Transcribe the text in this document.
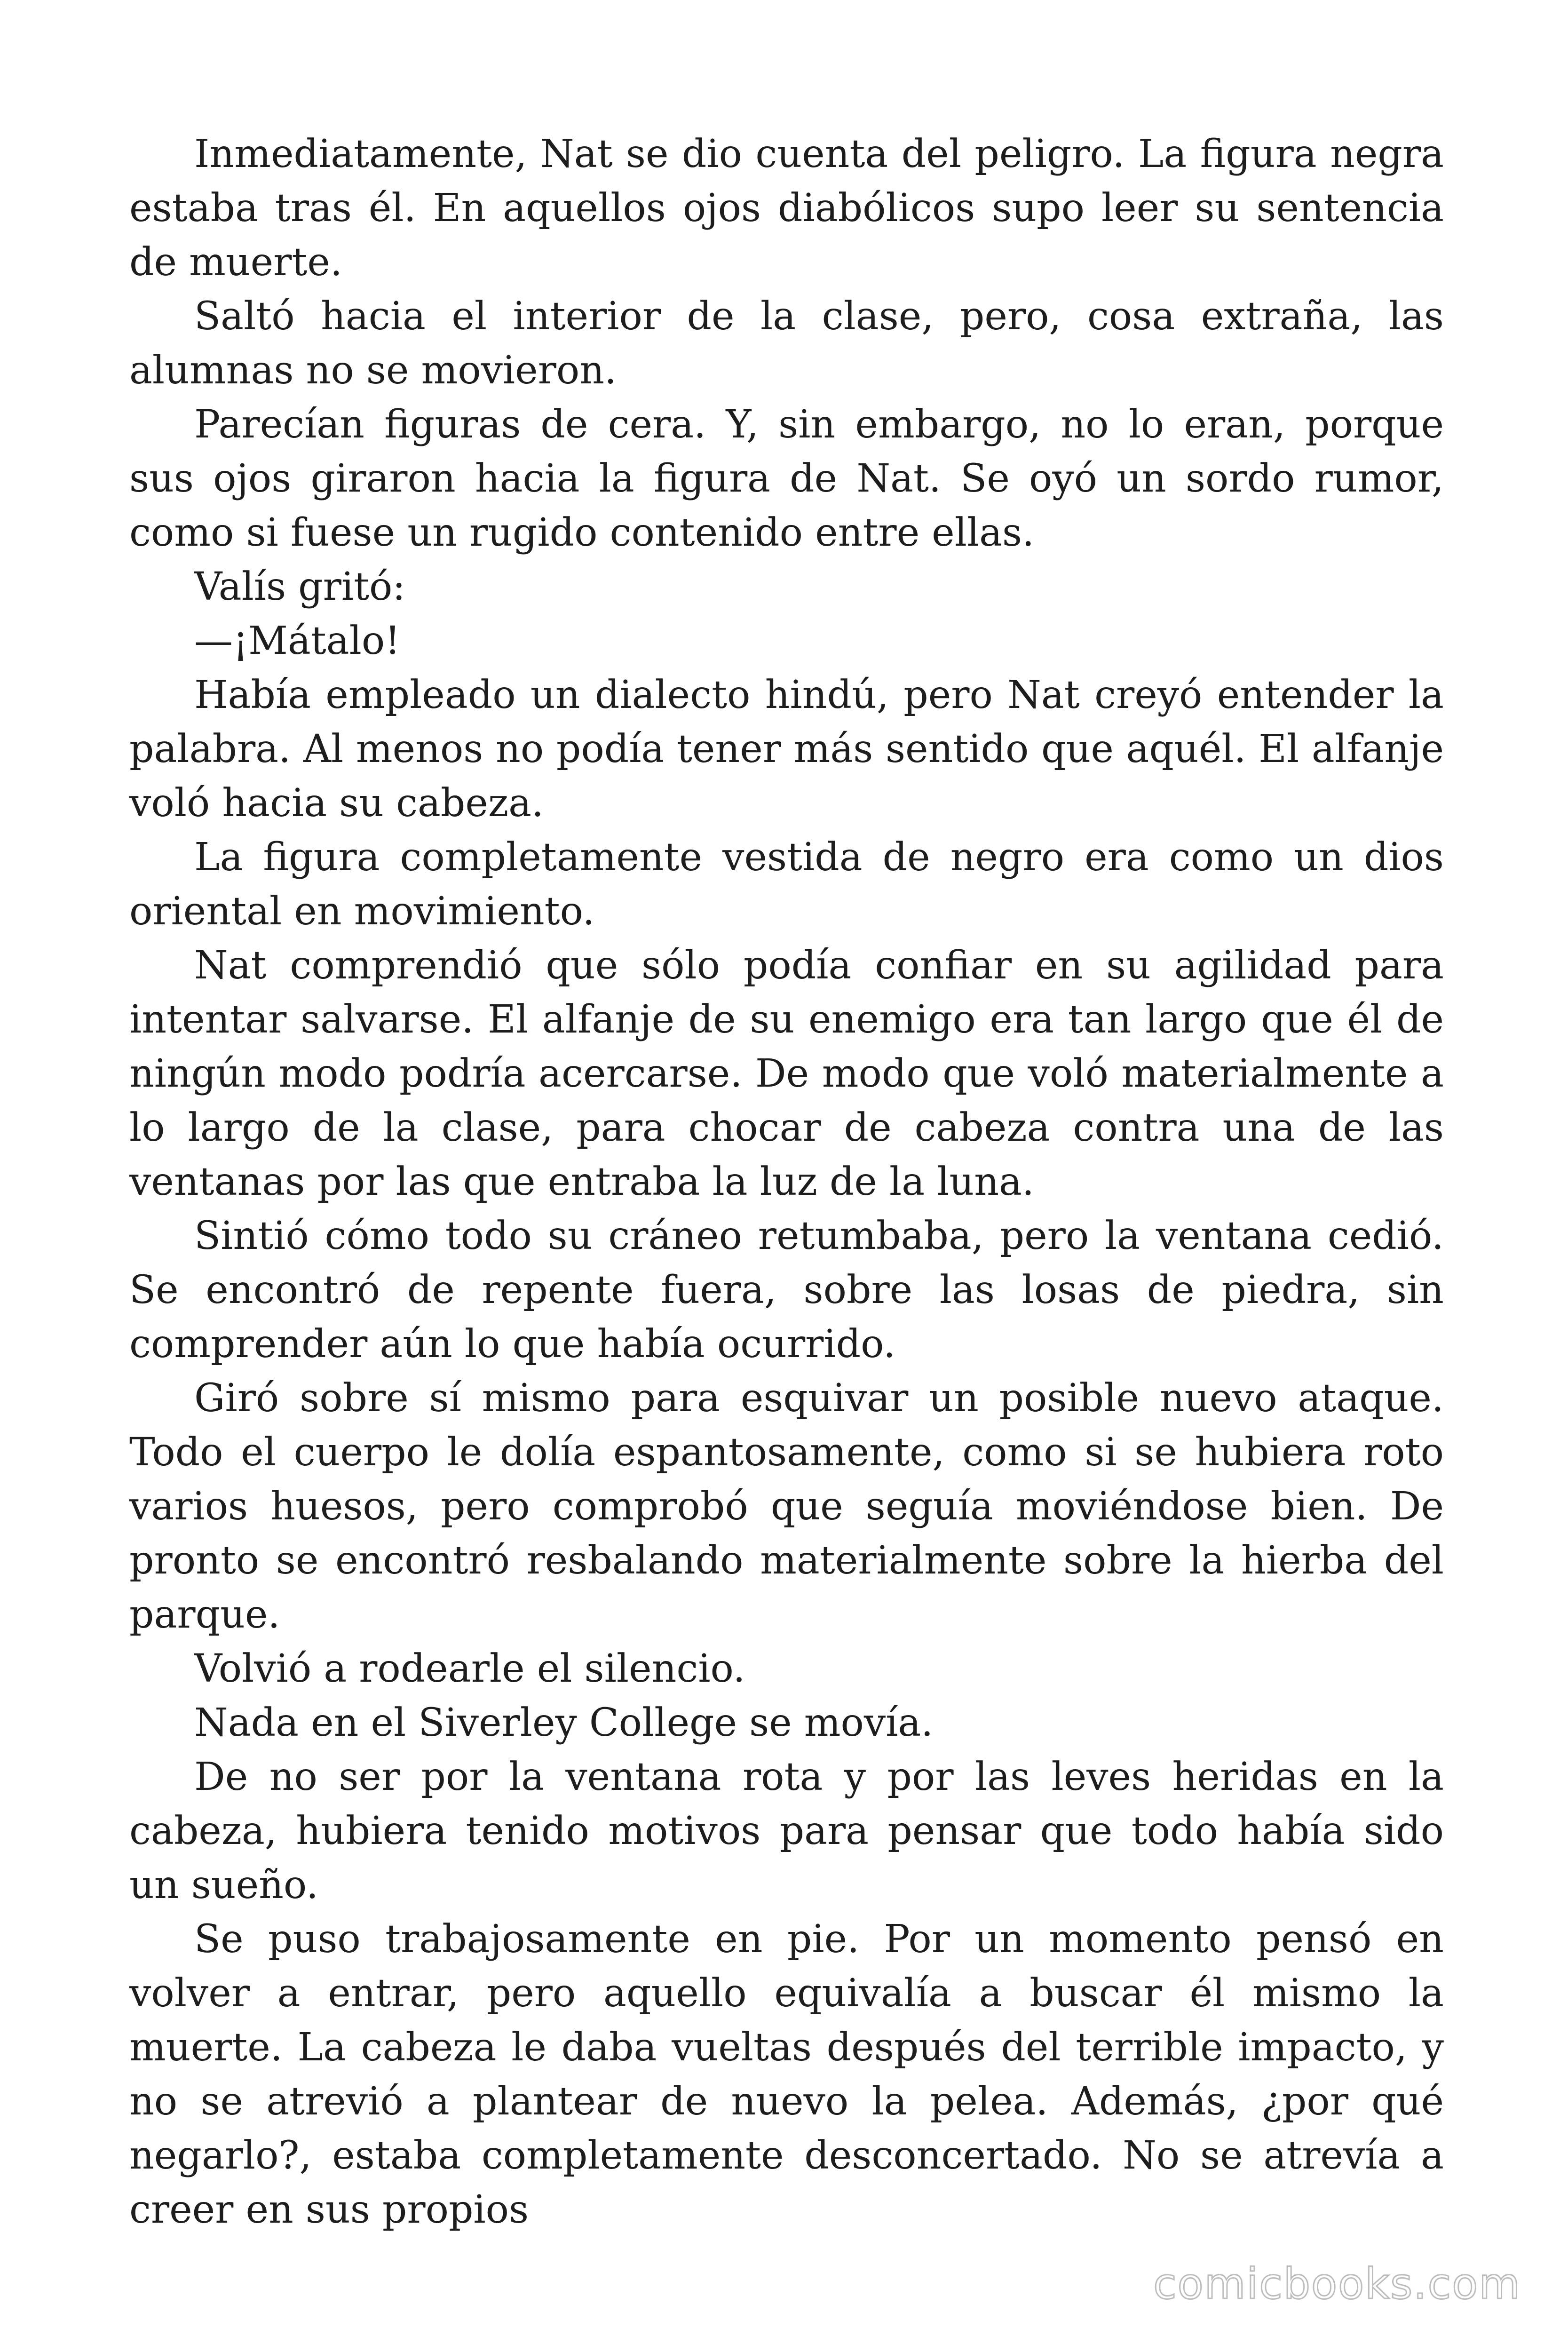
Inmediatamente, Nat se dio cuenta del peligro. La figura negra estaba tras él. En aquellos ojos diabólicos supo leer su sentencia de muerte.

Saltó hacia el interior de la clase, pero, cosa extraña, las alumnas no se movieron.

Parecían figuras de cera. Y, sin embargo, no lo eran, porque sus ojos giraron hacia la figura de Nat. Se oyó un sordo rumor, como si fuese un rugido contenido entre ellas.

Valís gritó:

—¡Mátalo!

Había empleado un dialecto hindú, pero Nat creyó entender la palabra. Al menos no podía tener más sentido que aquél. El alfanje voló hacia su cabeza.

La figura completamente vestida de negro era como un dios oriental en movimiento.

Nat comprendió que sólo podía confiar en su agilidad para intentar salvarse. El alfanje de su enemigo era tan largo que él de ningún modo podría acercarse. De modo que voló materialmente a lo largo de la clase, para chocar de cabeza contra una de las ventanas por las que entraba la luz de la luna.

Sintió cómo todo su cráneo retumbaba, pero la ventana cedió. Se encontró de repente fuera, sobre las losas de piedra, sin comprender aún lo que había ocurrido.

Giró sobre sí mismo para esquivar un posible nuevo ataque. Todo el cuerpo le dolía espantosamente, como si se hubiera roto varios huesos, pero comprobó que seguía moviéndose bien. De pronto se encontró resbalando materialmente sobre la hierba del parque.

Volvió a rodearle el silencio.

Nada en el Siverley College se movía.

De no ser por la ventana rota y por las leves heridas en la cabeza, hubiera tenido motivos para pensar que todo había sido un sueño.

Se puso trabajosamente en pie. Por un momento pensó en volver a entrar, pero aquello equivalía a buscar él mismo la muerte. La cabeza le daba vueltas después del terrible impacto, y no se atrevió a plantear de nuevo la pelea. Además, ¿por qué negarlo?, estaba completamente desconcertado. No se atrevía a creer en sus propios

comicbooks.com
